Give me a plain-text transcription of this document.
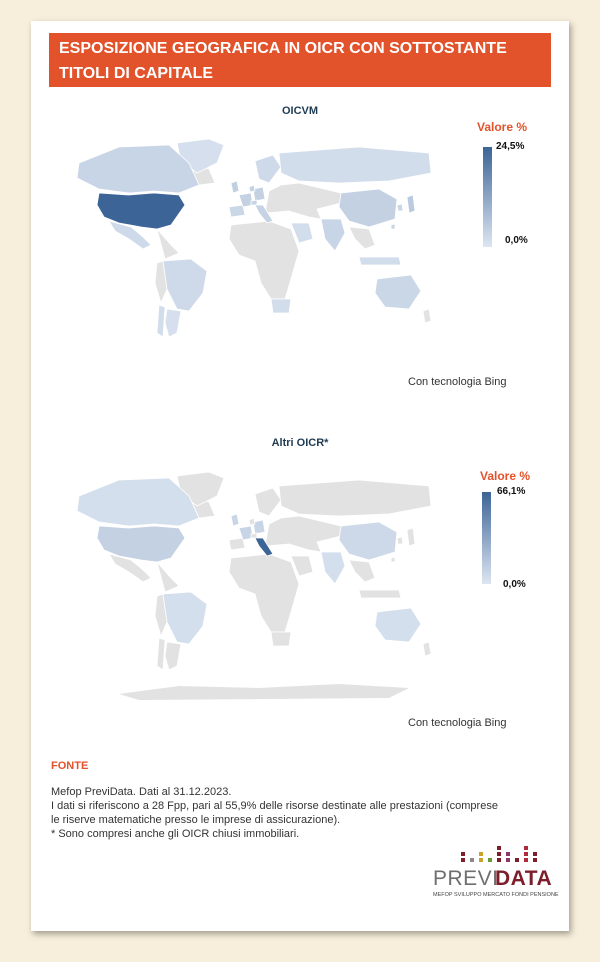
ESPOSIZIONE GEOGRAFICA IN OICR CON SOTTOSTANTE
TITOLI DI CAPITALE
OICVM
Valore %
24,5%
0,0%
Con tecnologia Bing
Altri OICR*
Valore %
66,1%
0,0%
Con tecnologia Bing
FONTE
Mefop PreviData. Dati al 31.12.2023.
I dati si riferiscono a 28 Fpp, pari al 55,9% delle risorse destinate alle prestazioni (comprese
le riserve matematiche presso le imprese di assicurazione).
* Sono compresi anche gli OICR chiusi immobiliari.
PREVI
DATA
MEFOP SVILUPPO MERCATO FONDI PENSIONE
